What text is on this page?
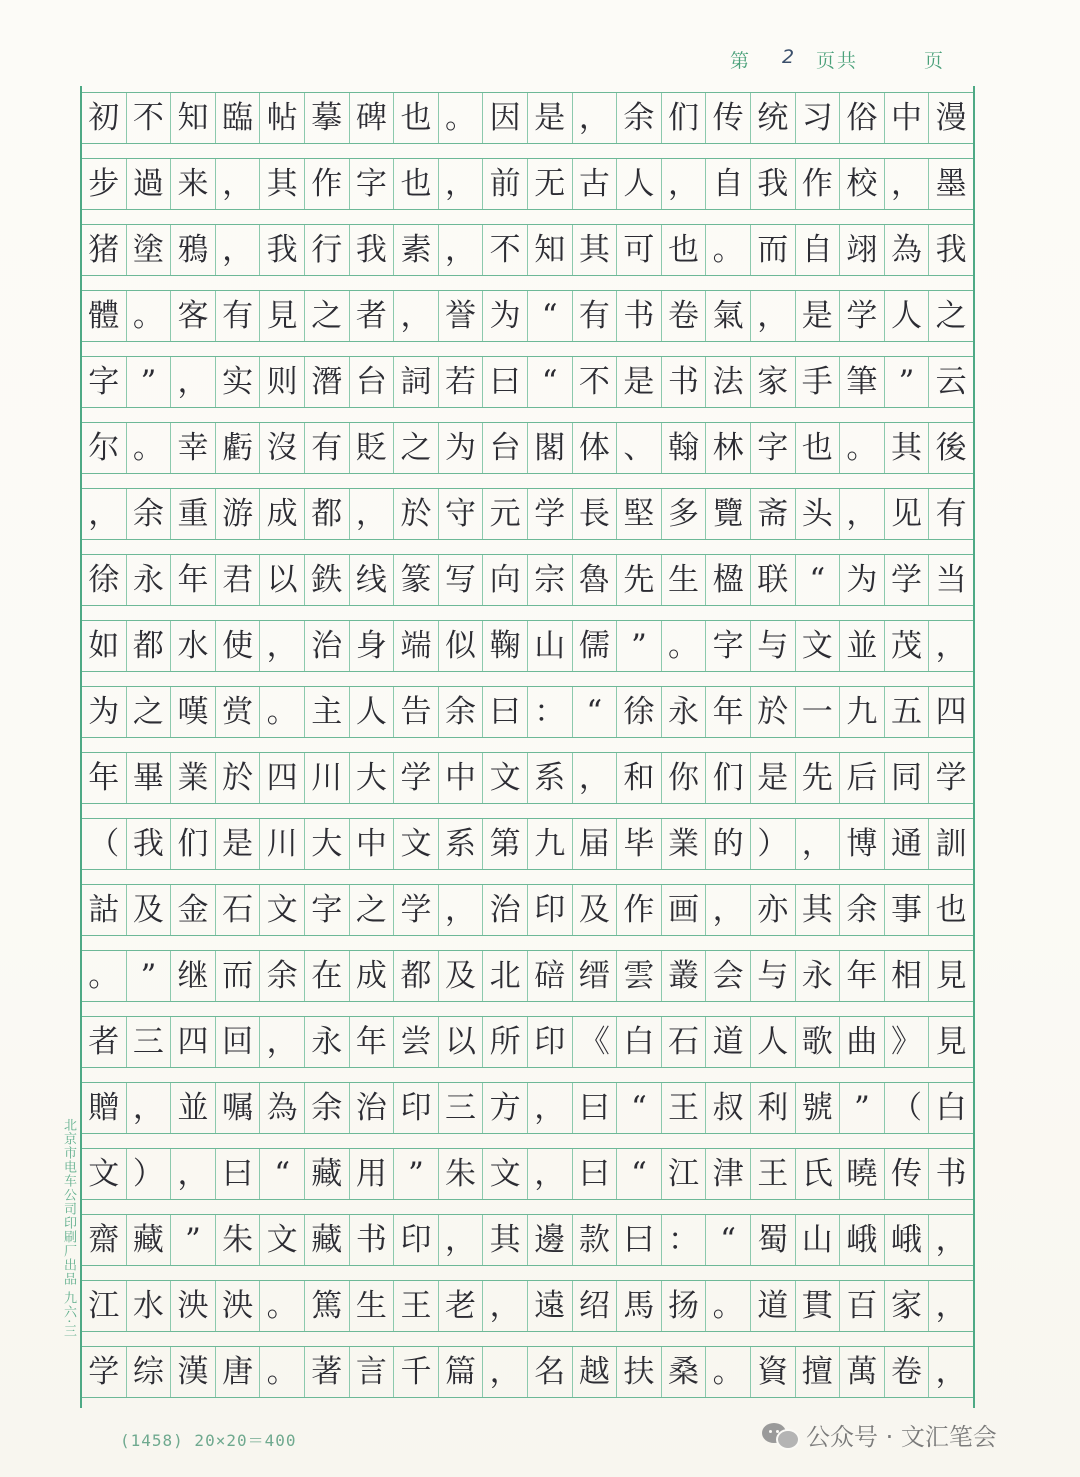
第 2 页共	页
初 不 知 臨 帖 摹 碑 也 。 因 是 ， 余 们 传 统 习 俗 中 漫
步 過 来 ， 其 作 字 也 ， 前 无 古 人 ， 自 我 作 校 ， 墨
猪 塗 鴉 ， 我 行 我 素 ， 不 知 其 可 也 。 而 自 翊 為 我
體 。 客 有 見 之 者 ， 誉 为 “ 有 书 卷 氣 ， 是 学 人 之
字 ” ， 实 则 潛 台 詞 若 曰 “ 不 是 书 法 家 手 筆 ” 云
尔 。 幸 虧 沒 有 貶 之 为 台 閣 体 、 翰 林 字 也 。 其 後
， 余 重 游 成 都 ， 於 守 元 学 長 堅 多 覽 斋 头 ， 见 有
徐 永 年 君 以 鉄 线 篆 写 向 宗 魯 先 生 楹 联 “ 为 学 当
如 都 水 使 ， 治 身 端 似 鞠 山 儒 ” 。 字 与 文 並 茂 ，
为 之 嘆 赏 。 主 人 告 余 曰 ： “ 徐 永 年 於 一 九 五 四
年 畢 業 於 四 川 大 学 中 文 系 ， 和 你 们 是 先 后 同 学
（ 我 们 是 川 大 中 文 系 第 九 届 毕 業 的 ） ， 博 通 訓
詁 及 金 石 文 字 之 学 ， 治 印 及 作 画 ， 亦 其 余 事 也
。 ” 继 而 余 在 成 都 及 北 碚 缙 雲 叢 会 与 永 年 相 見
者 三 四 回 ， 永 年 尝 以 所 印 《 白 石 道 人 歌 曲 》 見
贈 ， 並 嘱 為 余 治 印 三 方 ， 曰 “ 王 叔 利 號 ” （ 白
文 ） ， 曰 “ 藏 用 ” 朱 文 ， 曰 “ 江 津 王 氏 曉 传 书
齋 藏 ” 朱 文 藏 书 印 ， 其 邊 款 曰 ： “ 蜀 山 峨 峨 ，
江 水 泱 泱 。 篤 生 王 老 ， 遠 绍 馬 扬 。 道 貫 百 家 ，
学 综 漢 唐 。 著 言 千 篇 ， 名 越 扶 桑 。 資 擅 萬 卷 ，
北京市电车公司印刷厂出品 九六·三
(1458) 20×20＝400	公众号 · 文汇笔会
